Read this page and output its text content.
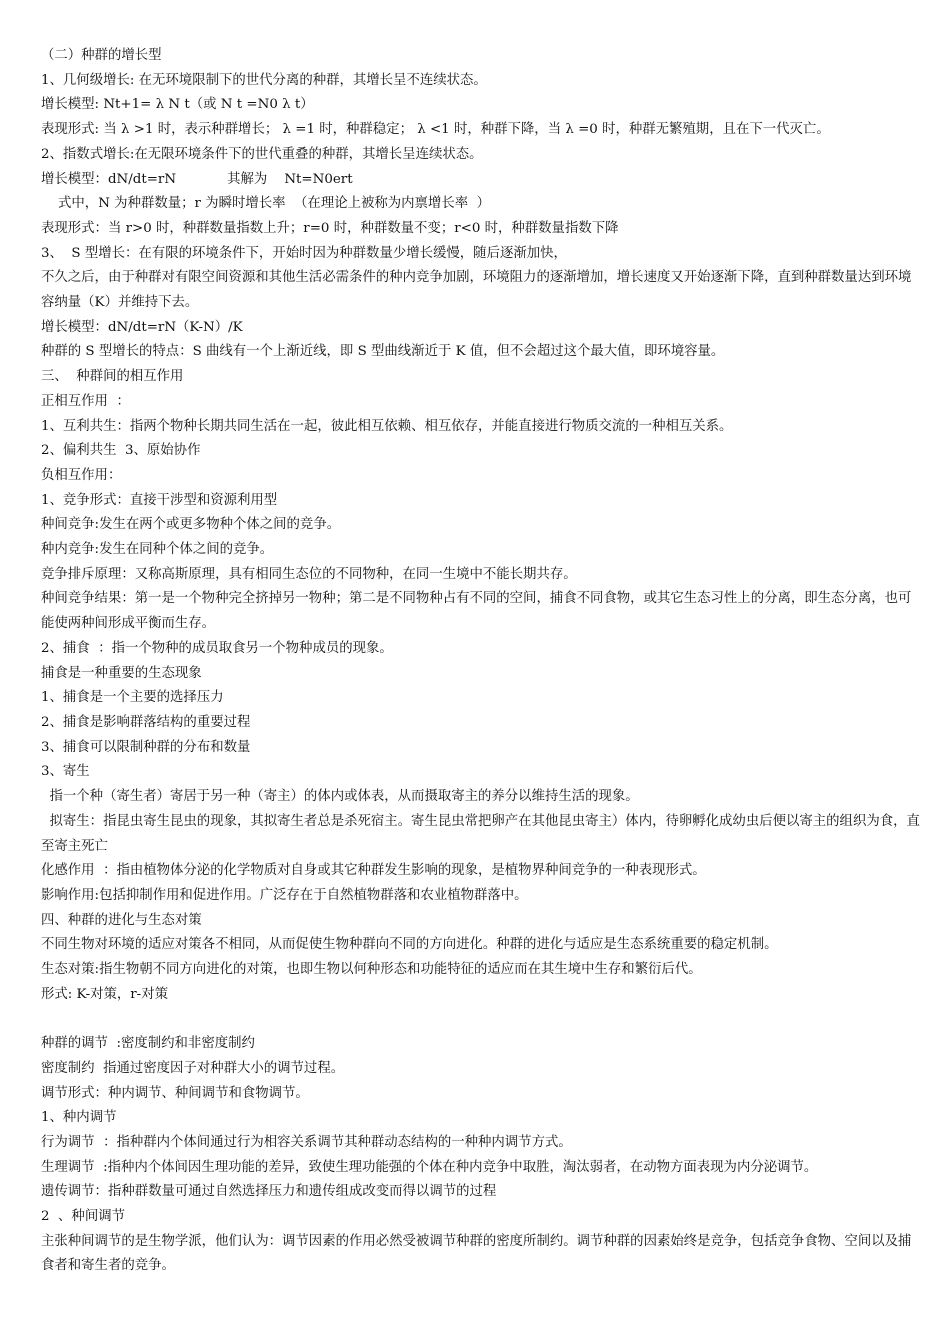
（二）种群的增长型

1、几何级增长: 在无环境限制下的世代分离的种群，其增长呈不连续状态。

增长模型: Nt+1= λ N t（或 N t =N0 λ t）

表现形式: 当 λ >1 时，表示种群增长； λ =1 时，种群稳定； λ <1 时，种群下降，当 λ =0 时，种群无繁殖期，且在下一代灭亡。

2、指数式增长:在无限环境条件下的世代重叠的种群，其增长呈连续状态。

增长模型：dN/dt=rN            其解为    Nt=N0ert

式中，N 为种群数量；r 为瞬时增长率  （在理论上被称为内禀增长率  ）

表现形式：当 r>0 时，种群数量指数上升；r=0 时，种群数量不变；r<0 时，种群数量指数下降

3、  S 型增长：在有限的环境条件下，开始时因为种群数量少增长缓慢，随后逐渐加快，

不久之后，由于种群对有限空间资源和其他生活必需条件的种内竞争加剧，环境阻力的逐渐增加，增长速度又开始逐渐下降，直到种群数量达到环境容纳量（K）并维持下去。

增长模型：dN/dt=rN（K-N）/K

种群的 S 型增长的特点：S 曲线有一个上渐近线，即 S 型曲线渐近于 K 值，但不会超过这个最大值，即环境容量。

三、  种群间的相互作用

正相互作用  ：

1、互利共生：指两个物种长期共同生活在一起，彼此相互依赖、相互依存，并能直接进行物质交流的一种相互关系。

2、偏利共生  3、原始协作

负相互作用：

1、竞争形式：直接干涉型和资源利用型

种间竞争:发生在两个或更多物种个体之间的竞争。

种内竞争:发生在同种个体之间的竞争。

竞争排斥原理：又称高斯原理，具有相同生态位的不同物种，在同一生境中不能长期共存。

种间竞争结果：第一是一个物种完全挤掉另一物种；第二是不同物种占有不同的空间，捕食不同食物，或其它生态习性上的分离，即生态分离，也可能使两种间形成平衡而生存。

2、捕食  ：指一个物种的成员取食另一个物种成员的现象。

捕食是一种重要的生态现象

1、捕食是一个主要的选择压力

2、捕食是影响群落结构的重要过程

3、捕食可以限制种群的分布和数量

3、寄生

指一个种（寄生者）寄居于另一种（寄主）的体内或体表，从而摄取寄主的养分以维持生活的现象。

拟寄生：指昆虫寄生昆虫的现象，其拟寄生者总是杀死宿主。寄生昆虫常把卵产在其他昆虫寄主）体内，待卵孵化成幼虫后便以寄主的组织为食，直至寄主死亡

化感作用  ：指由植物体分泌的化学物质对自身或其它种群发生影响的现象，是植物界种间竞争的一种表现形式。

影响作用:包括抑制作用和促进作用。广泛存在于自然植物群落和农业植物群落中。

四、种群的进化与生态对策

不同生物对环境的适应对策各不相同，从而促使生物种群向不同的方向进化。种群的进化与适应是生态系统重要的稳定机制。

生态对策:指生物朝不同方向进化的对策，也即生物以何种形态和功能特征的适应而在其生境中生存和繁衍后代。

形式: K-对策，r-对策

种群的调节  :密度制约和非密度制约

密度制约  指通过密度因子对种群大小的调节过程。

调节形式：种内调节、种间调节和食物调节。

1、种内调节

行为调节  ：指种群内个体间通过行为相容关系调节其种群动态结构的一种种内调节方式。

生理调节  :指种内个体间因生理功能的差异，致使生理功能强的个体在种内竞争中取胜，淘汰弱者，在动物方面表现为内分泌调节。

遗传调节：指种群数量可通过自然选择压力和遗传组成改变而得以调节的过程

2  、种间调节

主张种间调节的是生物学派，他们认为：调节因素的作用必然受被调节种群的密度所制约。调节种群的因素始终是竞争，包括竞争食物、空间以及捕食者和寄生者的竞争。
